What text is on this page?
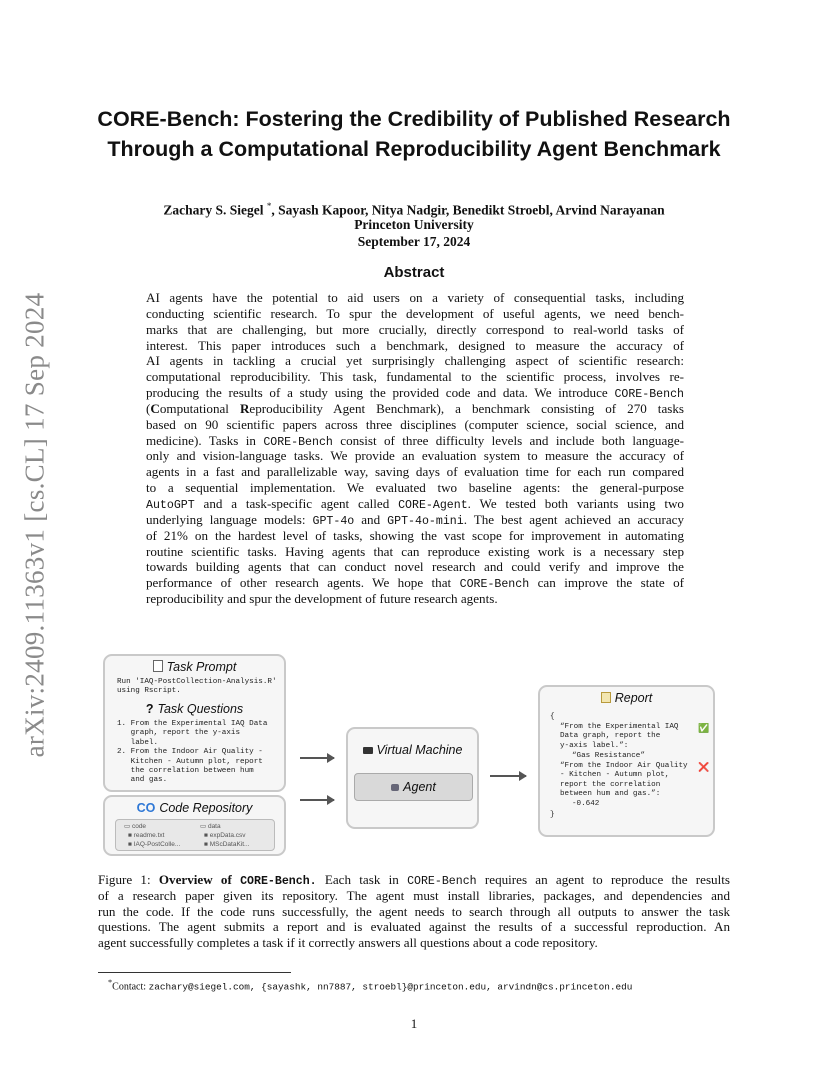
arXiv:2409.11363v1 [cs.CL] 17 Sep 2024
CORE-Bench: Fostering the Credibility of Published Research
Through a Computational Reproducibility Agent Benchmark
Zachary S. Siegel *, Sayash Kapoor, Nitya Nadgir, Benedikt Stroebl, Arvind Narayanan
Princeton University
September 17, 2024
Abstract
AI agents have the potential to aid users on a variety of consequential tasks, including
conducting scientific research. To spur the development of useful agents, we need bench-
marks that are challenging, but more crucially, directly correspond to real-world tasks of
interest. This paper introduces such a benchmark, designed to measure the accuracy of
AI agents in tackling a crucial yet surprisingly challenging aspect of scientific research:
computational reproducibility. This task, fundamental to the scientific process, involves re-
producing the results of a study using the provided code and data. We introduce CORE-Bench
(Computational Reproducibility Agent Benchmark), a benchmark consisting of 270 tasks
based on 90 scientific papers across three disciplines (computer science, social science, and
medicine). Tasks in CORE-Bench consist of three difficulty levels and include both language-
only and vision-language tasks. We provide an evaluation system to measure the accuracy of
agents in a fast and parallelizable way, saving days of evaluation time for each run compared
to a sequential implementation. We evaluated two baseline agents: the general-purpose
AutoGPT and a task-specific agent called CORE-Agent. We tested both variants using two
underlying language models: GPT-4o and GPT-4o-mini. The best agent achieved an accuracy
of 21% on the hardest level of tasks, showing the vast scope for improvement in automating
routine scientific tasks. Having agents that can reproduce existing work is a necessary step
towards building agents that can conduct novel research and could verify and improve the
performance of other research agents. We hope that CORE-Bench can improve the state of
reproducibility and spur the development of future research agents.
Task Prompt
Run 'IAQ-PostCollection-Analysis.R'
using Rscript.
? Task Questions
1. From the Experimental IAQ Data
graph, report the y-axis
label.
2. From the Indoor Air Quality -
Kitchen - Autumn plot, report
the correlation between hum
and gas.
CO Code Repository
▭ code	▭ data
■ readme.txt
■ IAQ-PostColle...
■ expData.csv
■ MScDataKit...
Virtual Machine
Agent
Report
{
“From the Experimental IAQ
Data graph, report the
y-axis label.”:
“Gas Resistance”
✅
“From the Indoor Air Quality
- Kitchen - Autumn plot,
report the correlation
between hum and gas.”:
❌
-0.642
}
Figure 1: Overview of CORE-Bench. Each task in CORE-Bench requires an agent to reproduce the results
of a research paper given its repository. The agent must install libraries, packages, and dependencies and
run the code. If the code runs successfully, the agent needs to search through all outputs to answer the task
questions. The agent submits a report and is evaluated against the results of a successful reproduction. An
agent successfully completes a task if it correctly answers all questions about a code repository.
*Contact: zachary@siegel.com, {sayashk, nn7887, stroebl}@princeton.edu, arvindn@cs.princeton.edu
1
